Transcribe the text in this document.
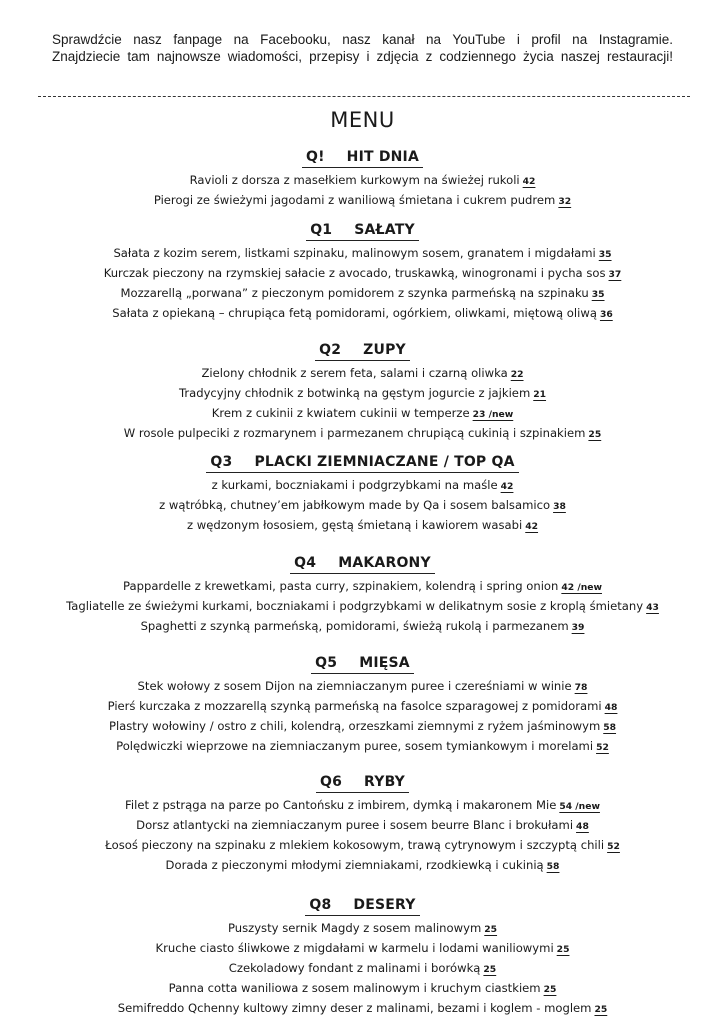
Sprawdźcie nasz fanpage na Facebooku, nasz kanał na YouTube i profil na Instagramie.
Znajdziecie tam najnowsze wiadomości, przepisy i zdjęcia z codziennego życia naszej restauracji!
MENU
Q! HIT DNIA
Ravioli z dorsza z masełkiem kurkowym na świeżej rukoli 42
Pierogi ze świeżymi jagodami z waniliową śmietana i cukrem pudrem 32
Q1 SAŁATY
Sałata z kozim serem, listkami szpinaku, malinowym sosem, granatem i migdałami 35
Kurczak pieczony na rzymskiej sałacie z avocado, truskawką, winogronami i pycha sos 37
Mozzarellą „porwana” z pieczonym pomidorem z szynka parmeńską na szpinaku 35
Sałata z opiekaną – chrupiąca fetą pomidorami, ogórkiem, oliwkami, miętową oliwą 36
Q2 ZUPY
Zielony chłodnik z serem feta, salami i czarną oliwka 22
Tradycyjny chłodnik z botwinką na gęstym jogurcie z jajkiem 21
Krem z cukinii z kwiatem cukinii w temperze 23 /new
W rosole pulpeciki z rozmarynem i parmezanem chrupiącą cukinią i szpinakiem 25
Q3 PLACKI ZIEMNIACZANE / TOP QA
z kurkami, boczniakami i podgrzybkami na maśle 42
z wątróbką, chutney’em jabłkowym made by Qa i sosem balsamico 38
z wędzonym łososiem, gęstą śmietaną i kawiorem wasabi 42
Q4 MAKARONY
Pappardelle z krewetkami, pasta curry, szpinakiem, kolendrą i spring onion 42 /new
Tagliatelle ze świeżymi kurkami, boczniakami i podgrzybkami w delikatnym sosie z kroplą śmietany 43
Spaghetti z szynką parmeńską, pomidorami, świeżą rukolą i parmezanem 39
Q5 MIĘSA
Stek wołowy z sosem Dijon na ziemniaczanym puree i czereśniami w winie 78
Pierś kurczaka z mozzarellą szynką parmeńską na fasolce szparagowej z pomidorami 48
Plastry wołowiny / ostro z chili, kolendrą, orzeszkami ziemnymi z ryżem jaśminowym 58
Polędwiczki wieprzowe na ziemniaczanym puree, sosem tymiankowym i morelami 52
Q6 RYBY
Filet z pstrąga na parze po Cantońsku z imbirem, dymką i makaronem Mie 54 /new
Dorsz atlantycki na ziemniaczanym puree i sosem beurre Blanc i brokułami 48
Łosoś pieczony na szpinaku z mlekiem kokosowym, trawą cytrynowym i szczyptą chili 52
Dorada z pieczonymi młodymi ziemniakami, rzodkiewką i cukinią 58
Q8 DESERY
Puszysty sernik Magdy z sosem malinowym 25
Kruche ciasto śliwkowe z migdałami w karmelu i lodami waniliowymi 25
Czekoladowy fondant z malinami i borówką 25
Panna cotta waniliowa z sosem malinowym i kruchym ciastkiem 25
Semifreddo Qchenny kultowy zimny deser z malinami, bezami i koglem - moglem 25
